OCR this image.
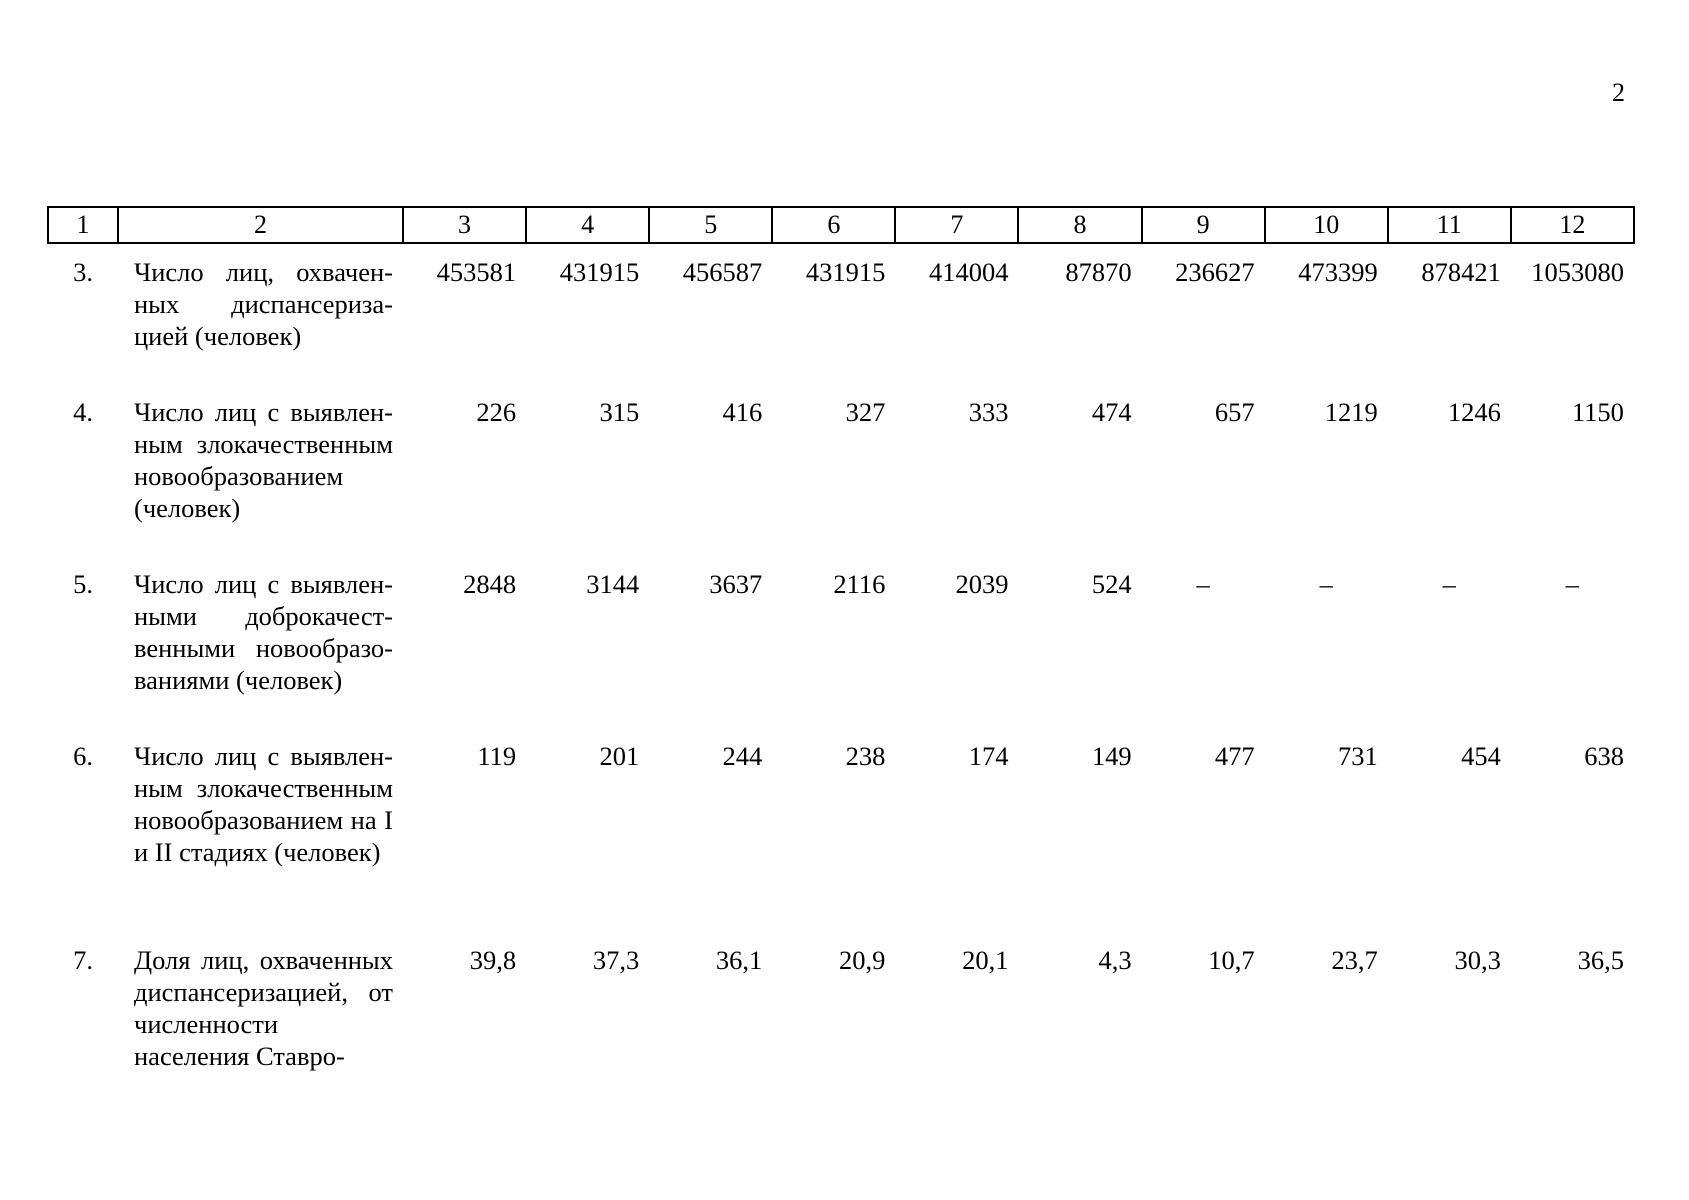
2
1	2	3	4	5	6	7	8	9	10	11	12
3.	Число лиц, охваченных диспансеризацией (человек)	453581	431915	456587	431915	414004	87870	236627	473399	878421	1053080
4.	Число лиц с выявленным злокачественным новообразованием (человек)	226	315	416	327	333	474	657	1219	1246	1150
5.	Число лиц с выявленными доброкачественными новообразованиями (человек)	2848	3144	3637	2116	2039	524	–	–	–	–
6.	Число лиц с выявленным злокачественным новообразованием на I и II стадиях (человек)	119	201	244	238	174	149	477	731	454	638
7.	Доля лиц, охваченных диспансеризацией, от численности населения Ставро-	39,8	37,3	36,1	20,9	20,1	4,3	10,7	23,7	30,3	36,5
